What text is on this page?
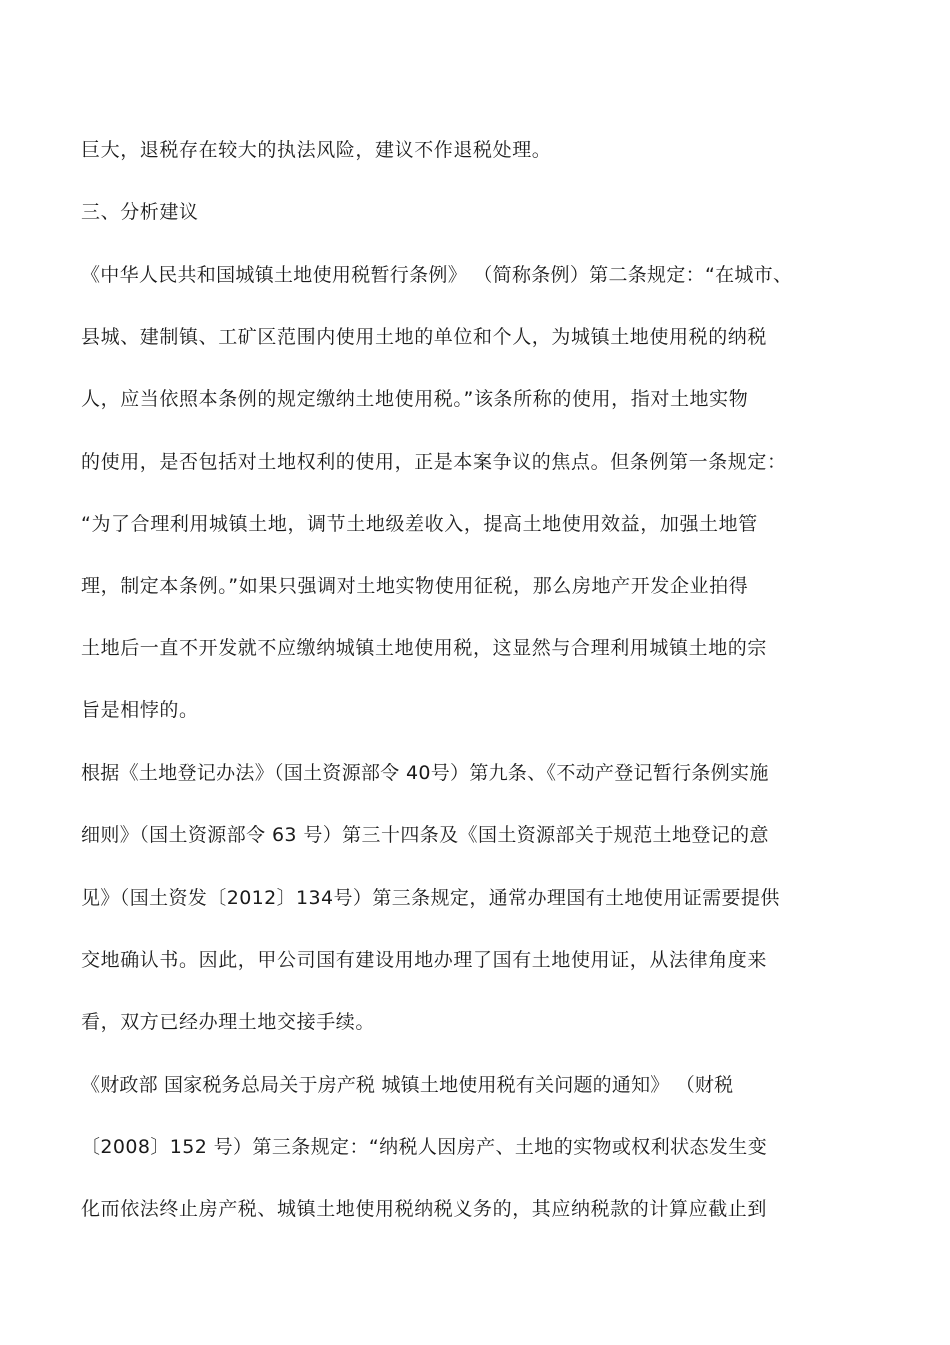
巨大，退税存在较大的执法风险，建议不作退税处理。
三、分析建议
《中华人民共和国城镇土地使用税暂行条例》 （简称条例）第二条规定：“在城市、
县城、建制镇、工矿区范围内使用土地的单位和个人，为城镇土地使用税的纳税
人，应当依照本条例的规定缴纳土地使用税。”该条所称的使用，指对土地实物
的使用，是否包括对土地权利的使用，正是本案争议的焦点。但条例第一条规定：
“为了合理利用城镇土地，调节土地级差收入，提高土地使用效益，加强土地管
理，制定本条例。”如果只强调对土地实物使用征税，那么房地产开发企业拍得
土地后一直不开发就不应缴纳城镇土地使用税，这显然与合理利用城镇土地的宗
旨是相悖的。
根据《土地登记办法》（国土资源部令 40号）第九条、《不动产登记暂行条例实施
细则》（国土资源部令 63 号）第三十四条及《国土资源部关于规范土地登记的意
见》（国土资发〔2012〕134号）第三条规定，通常办理国有土地使用证需要提供
交地确认书。因此，甲公司国有建设用地办理了国有土地使用证，从法律角度来
看，双方已经办理土地交接手续。
《财政部 国家税务总局关于房产税 城镇土地使用税有关问题的通知》 （财税
〔2008〕152 号）第三条规定：“纳税人因房产、土地的实物或权利状态发生变
化而依法终止房产税、城镇土地使用税纳税义务的，其应纳税款的计算应截止到
